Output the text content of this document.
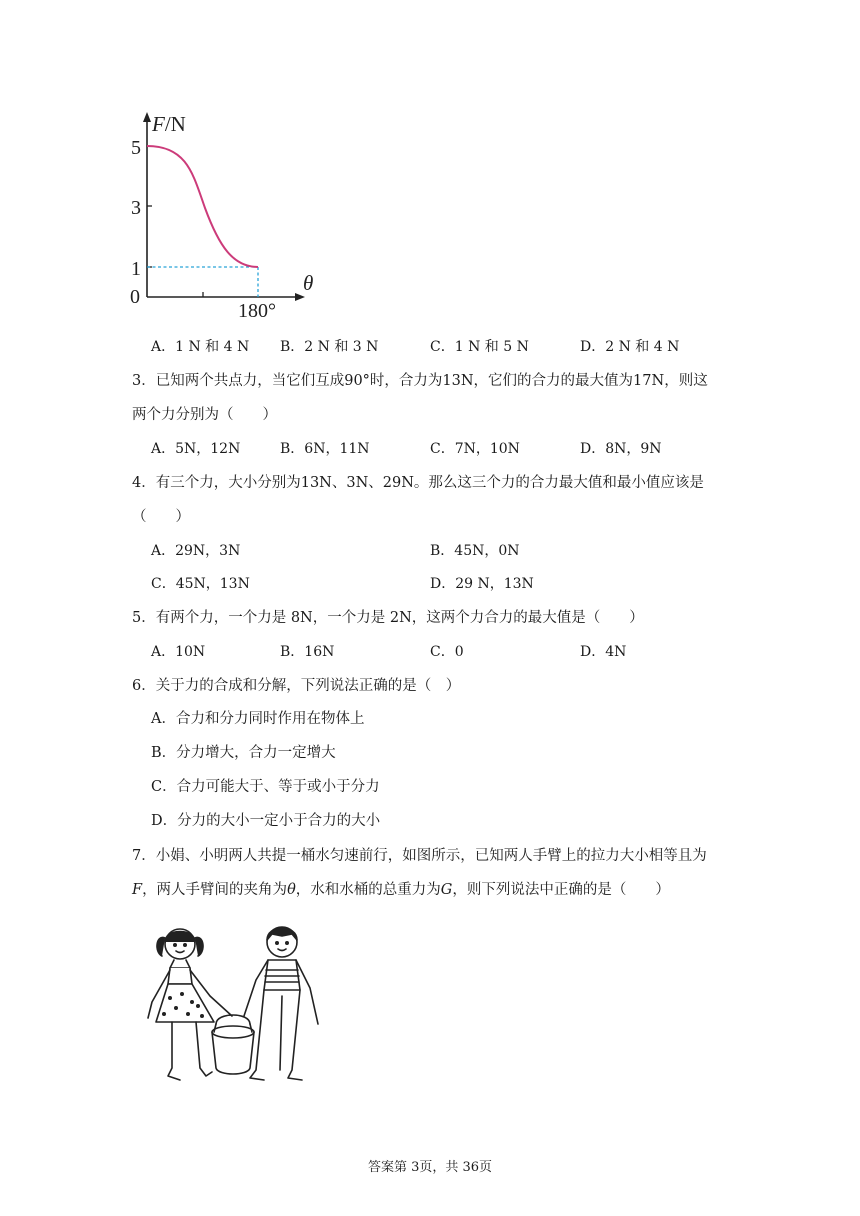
5
3
1
0
F/N
θ
180°
A．1 N 和 4 N B．2 N 和 3 N	C．1 N 和 5 N	D．2 N 和 4 N
3．已知两个共点力，当它们互成90°时，合力为13N，它们的合力的最大值为17N，则这
两个力分别为（　　）
A．5N，12N	B．6N，11N	C．7N，10N	D．8N，9N
4．有三个力，大小分别为13N、3N、29N。那么这三个力的合力最大值和最小值应该是
（　　）
A．29N，3N	B．45N，0N
C．45N，13N	D．29 N，13N
5．有两个力，一个力是 8N，一个力是 2N，这两个力合力的最大值是（　　）
A．10N	B．16N	C．0	D．4N
6．关于力的合成和分解，下列说法正确的是（　）
A．合力和分力同时作用在物体上
B．分力增大，合力一定增大
C．合力可能大于、等于或小于分力
D．分力的大小一定小于合力的大小
7．小娟、小明两人共提一桶水匀速前行，如图所示，已知两人手臂上的拉力大小相等且为
F，两人手臂间的夹角为θ，水和水桶的总重力为G，则下列说法中正确的是（　　）
答案第 3页，共 36页
